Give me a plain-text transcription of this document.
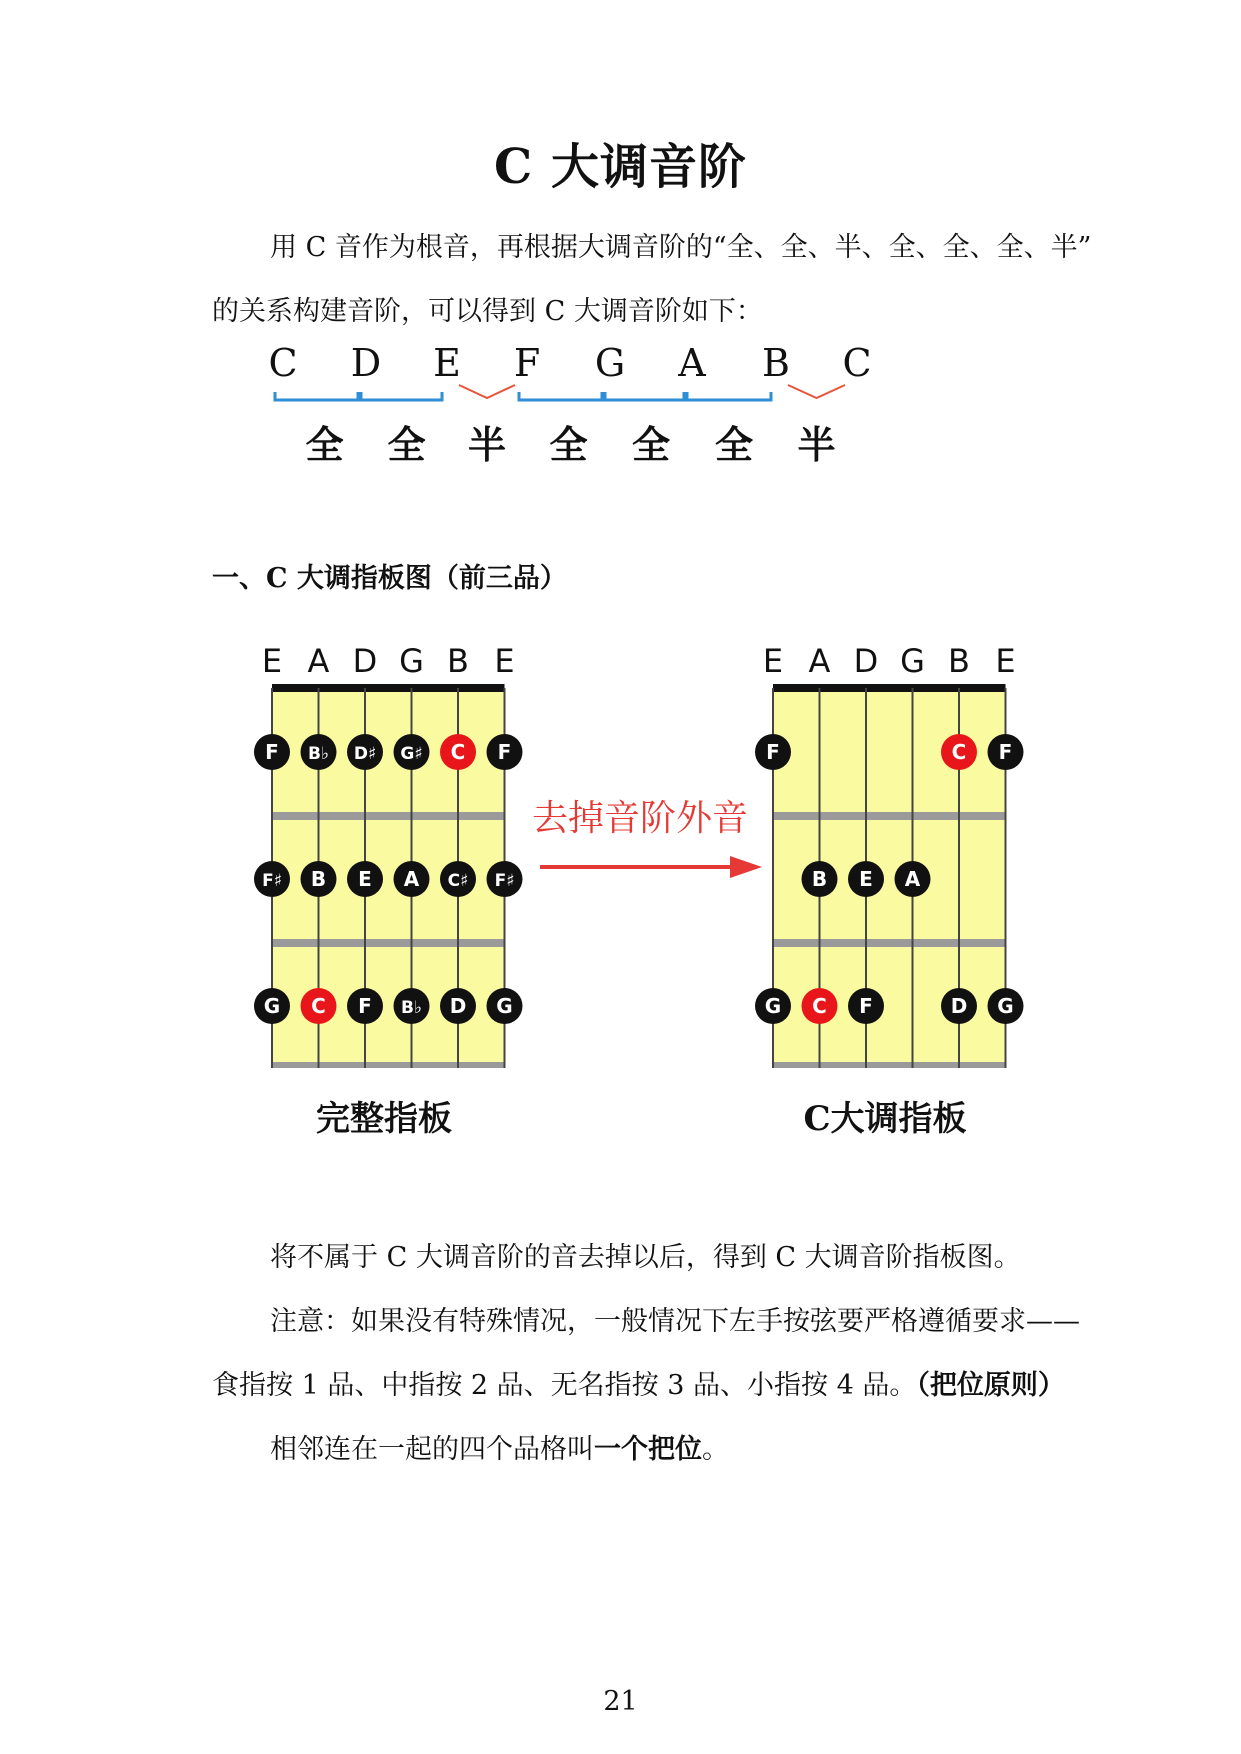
C 大调音阶
用 C 音作为根音，再根据大调音阶的“全、全、半、全、全、全、半”
的关系构建音阶，可以得到 C 大调音阶如下：
C D E F G A B C
全 全 半 全 全 全 半
一、C 大调指板图（前三品）
E A D G B E
F B♭ D♯ G♯ C F
F♯ B E A C♯ F♯
G C F B♭ D G
完整指板
E A D G B E
F	C F
B E A
G C F	D G
C大调指板
去掉音阶外音
将不属于 C 大调音阶的音去掉以后，得到 C 大调音阶指板图。
注意：如果没有特殊情况，一般情况下左手按弦要严格遵循要求——
食指按 1 品、中指按 2 品、无名指按 3 品、小指按 4 品。（把位原则）
相邻连在一起的四个品格叫一个把位。
21
